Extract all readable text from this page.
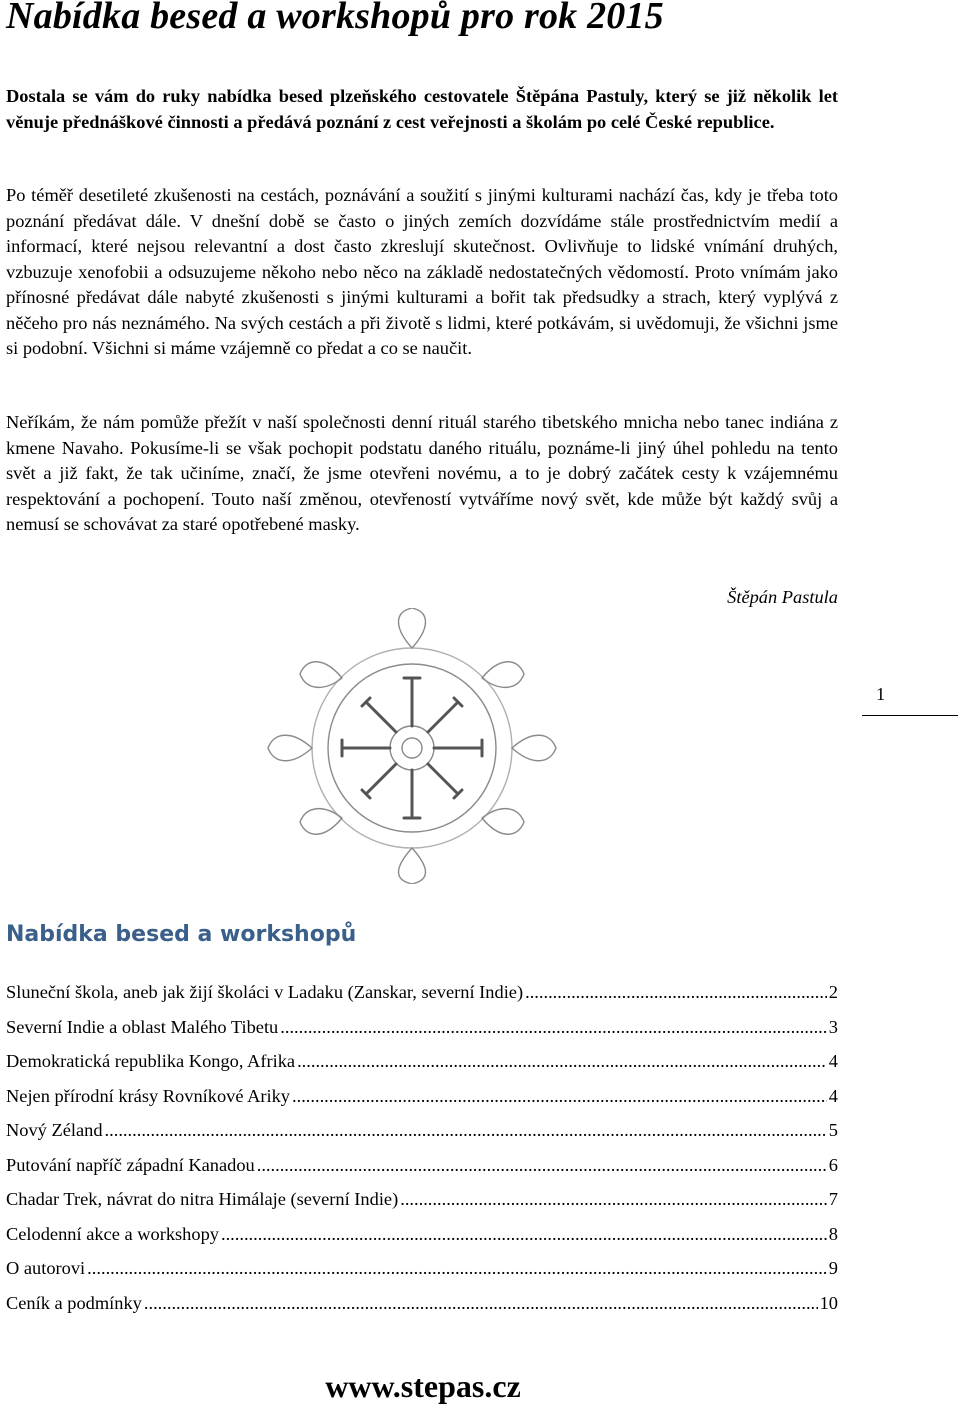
Nabídka besed a workshopů pro rok 2015

Dostala se vám do ruky nabídka besed plzeňského cestovatele Štěpána Pastuly, který se již několik let věnuje přednáškové činnosti a předává poznání z cest veřejnosti a školám po celé České republice.

Po téměř desetileté zkušenosti na cestách, poznávání a soužití s jinými kulturami nachází čas, kdy je třeba toto poznání předávat dále. V dnešní době se často o jiných zemích dozvídáme stále prostřednictvím medií a informací, které nejsou relevantní a dost často zkreslují skutečnost. Ovlivňuje to lidské vnímání druhých, vzbuzuje xenofobii a odsuzujeme někoho nebo něco na základě nedostatečných vědomostí. Proto vnímám jako přínosné předávat dále nabyté zkušenosti s jinými kulturami a bořit tak předsudky a strach, který vyplývá z něčeho pro nás neznámého. Na svých cestách a při životě s lidmi, které potkávám, si uvědomuji, že všichni jsme si podobní. Všichni si máme vzájemně co předat a co se naučit.

Neříkám, že nám pomůže přežít v naší společnosti denní rituál starého tibetského mnicha nebo tanec indiána z kmene Navaho. Pokusíme-li se však pochopit podstatu daného rituálu, poznáme-li jiný úhel pohledu na tento svět a již fakt, že tak učiníme, značí, že jsme otevřeni novému, a to je dobrý začátek cesty k vzájemnému respektování a pochopení. Touto naší změnou, otevřeností vytváříme nový svět, kde může být každý svůj a nemusí se schovávat za staré opotřebené masky.

Štěpán Pastula
1
Nabídka besed a workshopů
Sluneční škola, aneb jak žijí školáci v Ladaku (Zanskar, severní Indie) .....	2
Severní Indie a oblast Malého Tibetu .....	3
Demokratická republika Kongo, Afrika .....	4
Nejen přírodní krásy Rovníkové Ariky .....	4
Nový Zéland .....	5
Putování napříč západní Kanadou .....	6
Chadar Trek, návrat do nitra Himálaje (severní Indie) .....	7
Celodenní akce a workshopy .....	8
O autorovi .....	9
Ceník a podmínky .....	10
www.stepas.cz
